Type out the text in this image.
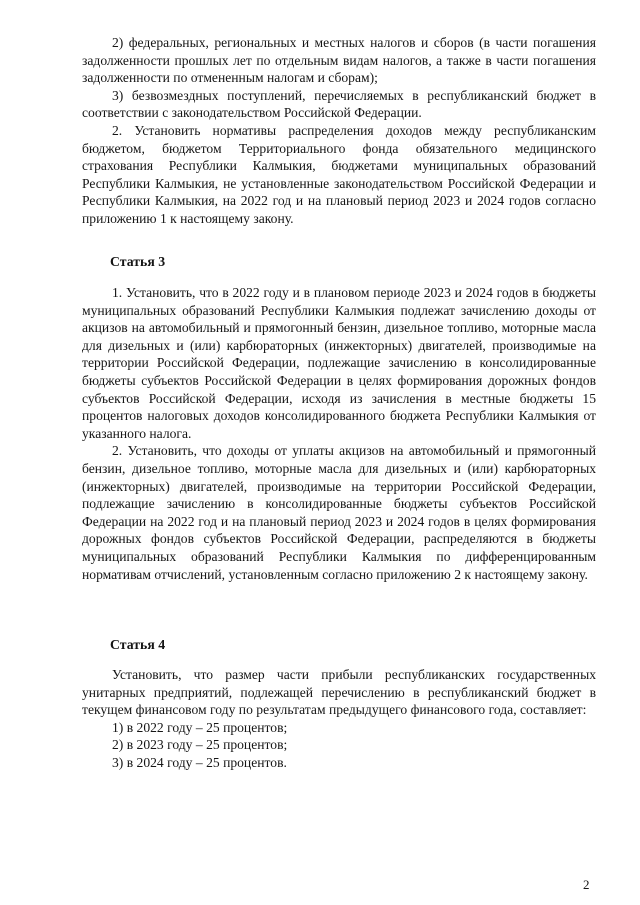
2) федеральных, региональных и местных налогов и сборов (в части погашения задолженности прошлых лет по отдельным видам налогов, а также в части погашения задолженности по отмененным налогам и сборам);

3) безвозмездных поступлений, перечисляемых в республиканский бюджет в соответствии с законодательством Российской Федерации.

2. Установить нормативы распределения доходов между республиканским бюджетом, бюджетом Территориального фонда обязательного медицинского страхования Республики Калмыкия, бюджетами муниципальных образований Республики Калмыкия, не установленные законодательством Российской Федерации и Республики Калмыкия, на 2022 год и на плановый период 2023 и 2024 годов согласно приложению 1 к настоящему закону.

Статья 3

1. Установить, что в 2022 году и в плановом периоде 2023 и 2024 годов в бюджеты муниципальных образований Республики Калмыкия подлежат зачислению доходы от акцизов на автомобильный и прямогонный бензин, дизельное топливо, моторные масла для дизельных и (или) карбюраторных (инжекторных) двигателей, производимые на территории Российской Федерации, подлежащие зачислению в консолидированные бюджеты субъектов Российской Федерации в целях формирования дорожных фондов субъектов Российской Федерации, исходя из зачисления в местные бюджеты 15 процентов налоговых доходов консолидированного бюджета Республики Калмыкия от указанного налога.

2. Установить, что доходы от уплаты акцизов на автомобильный и прямогонный бензин, дизельное топливо, моторные масла для дизельных и (или) карбюраторных (инжекторных) двигателей, производимые на территории Российской Федерации, подлежащие зачислению в консолидированные бюджеты субъектов Российской Федерации на 2022 год и на плановый период 2023 и 2024 годов в целях формирования дорожных фондов субъектов Российской Федерации, распределяются в бюджеты муниципальных образований Республики Калмыкия по дифференцированным нормативам отчислений, установленным согласно приложению 2 к настоящему закону.

Статья 4

Установить, что размер части прибыли республиканских государственных унитарных предприятий, подлежащей перечислению в республиканский бюджет в текущем финансовом году по результатам предыдущего финансового года, составляет:

1) в 2022 году – 25 процентов;

2) в 2023 году – 25 процентов;

3) в 2024 году – 25 процентов.

2
